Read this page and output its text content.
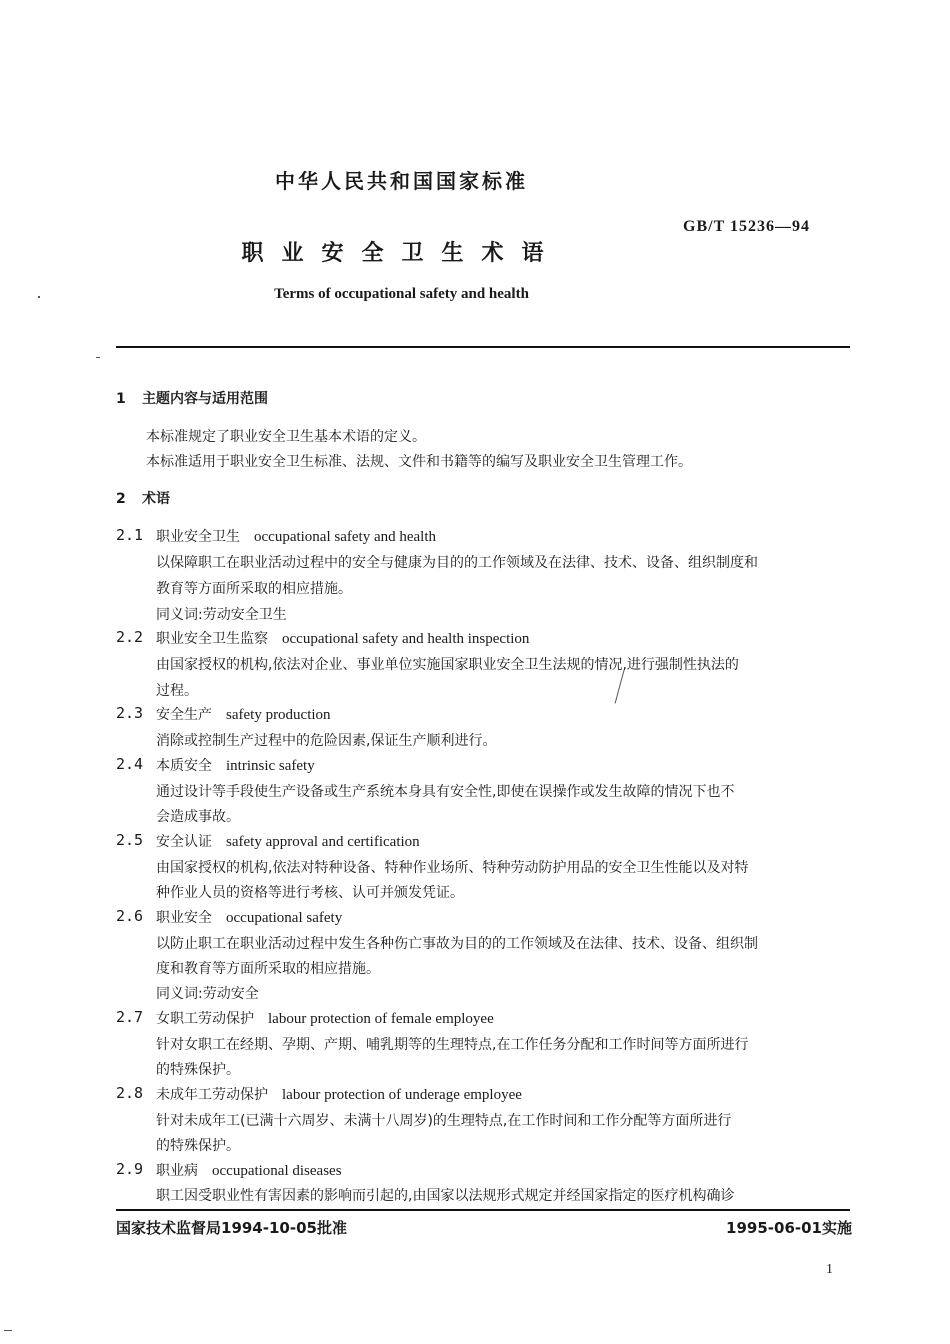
中华人民共和国国家标准
GB/T 15236—94
职业安全卫生术语
Terms of occupational safety and health
1 主题内容与适用范围
本标准规定了职业安全卫生基本术语的定义。
本标准适用于职业安全卫生标准、法规、文件和书籍等的编写及职业安全卫生管理工作。
2 术语
2.1 职业安全卫生 occupational safety and health
以保障职工在职业活动过程中的安全与健康为目的的工作领域及在法律、技术、设备、组织制度和
教育等方面所采取的相应措施。
同义词:劳动安全卫生
2.2 职业安全卫生监察 occupational safety and health inspection
由国家授权的机构,依法对企业、事业单位实施国家职业安全卫生法规的情况,进行强制性执法的
过程。
2.3 安全生产 safety production
消除或控制生产过程中的危险因素,保证生产顺利进行。
2.4 本质安全 intrinsic safety
通过设计等手段使生产设备或生产系统本身具有安全性,即使在误操作或发生故障的情况下也不
会造成事故。
2.5 安全认证 safety approval and certification
由国家授权的机构,依法对特种设备、特种作业场所、特种劳动防护用品的安全卫生性能以及对特
种作业人员的资格等进行考核、认可并颁发凭证。
2.6 职业安全 occupational safety
以防止职工在职业活动过程中发生各种伤亡事故为目的的工作领域及在法律、技术、设备、组织制
度和教育等方面所采取的相应措施。
同义词:劳动安全
2.7 女职工劳动保护 labour protection of female employee
针对女职工在经期、孕期、产期、哺乳期等的生理特点,在工作任务分配和工作时间等方面所进行
的特殊保护。
2.8 未成年工劳动保护 labour protection of underage employee
针对未成年工(已满十六周岁、未满十八周岁)的生理特点,在工作时间和工作分配等方面所进行
的特殊保护。
2.9 职业病 occupational diseases
职工因受职业性有害因素的影响而引起的,由国家以法规形式规定并经国家指定的医疗机构确诊
国家技术监督局1994-10-05批准	1995-06-01实施
1
